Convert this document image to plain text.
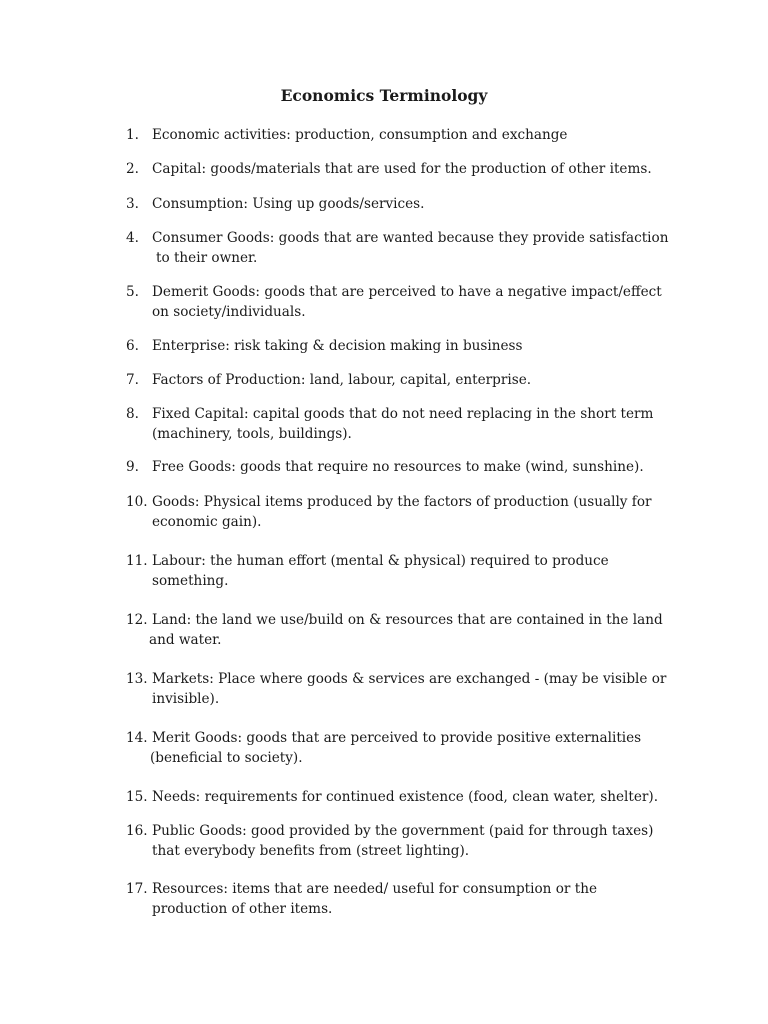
Economics Terminology
1. Economic activities: production, consumption and exchange
2. Capital: goods/materials that are used for the production of other items.
3. Consumption: Using up goods/services.
4. Consumer Goods: goods that are wanted because they provide satisfaction
to their owner.
5. Demerit Goods: goods that are perceived to have a negative impact/effect
on society/individuals.
6. Enterprise: risk taking & decision making in business
7. Factors of Production: land, labour, capital, enterprise.
8. Fixed Capital: capital goods that do not need replacing in the short term
(machinery, tools, buildings).
9. Free Goods: goods that require no resources to make (wind, sunshine).
10. Goods: Physical items produced by the factors of production (usually for
economic gain).
11. Labour: the human effort (mental & physical) required to produce
something.
12. Land: the land we use/build on & resources that are contained in the land
and water.
13. Markets: Place where goods & services are exchanged - (may be visible or
invisible).
14. Merit Goods: goods that are perceived to provide positive externalities
(beneficial to society).
15. Needs: requirements for continued existence (food, clean water, shelter).
16. Public Goods: good provided by the government (paid for through taxes)
that everybody benefits from (street lighting).
17. Resources: items that are needed/ useful for consumption or the
production of other items.
